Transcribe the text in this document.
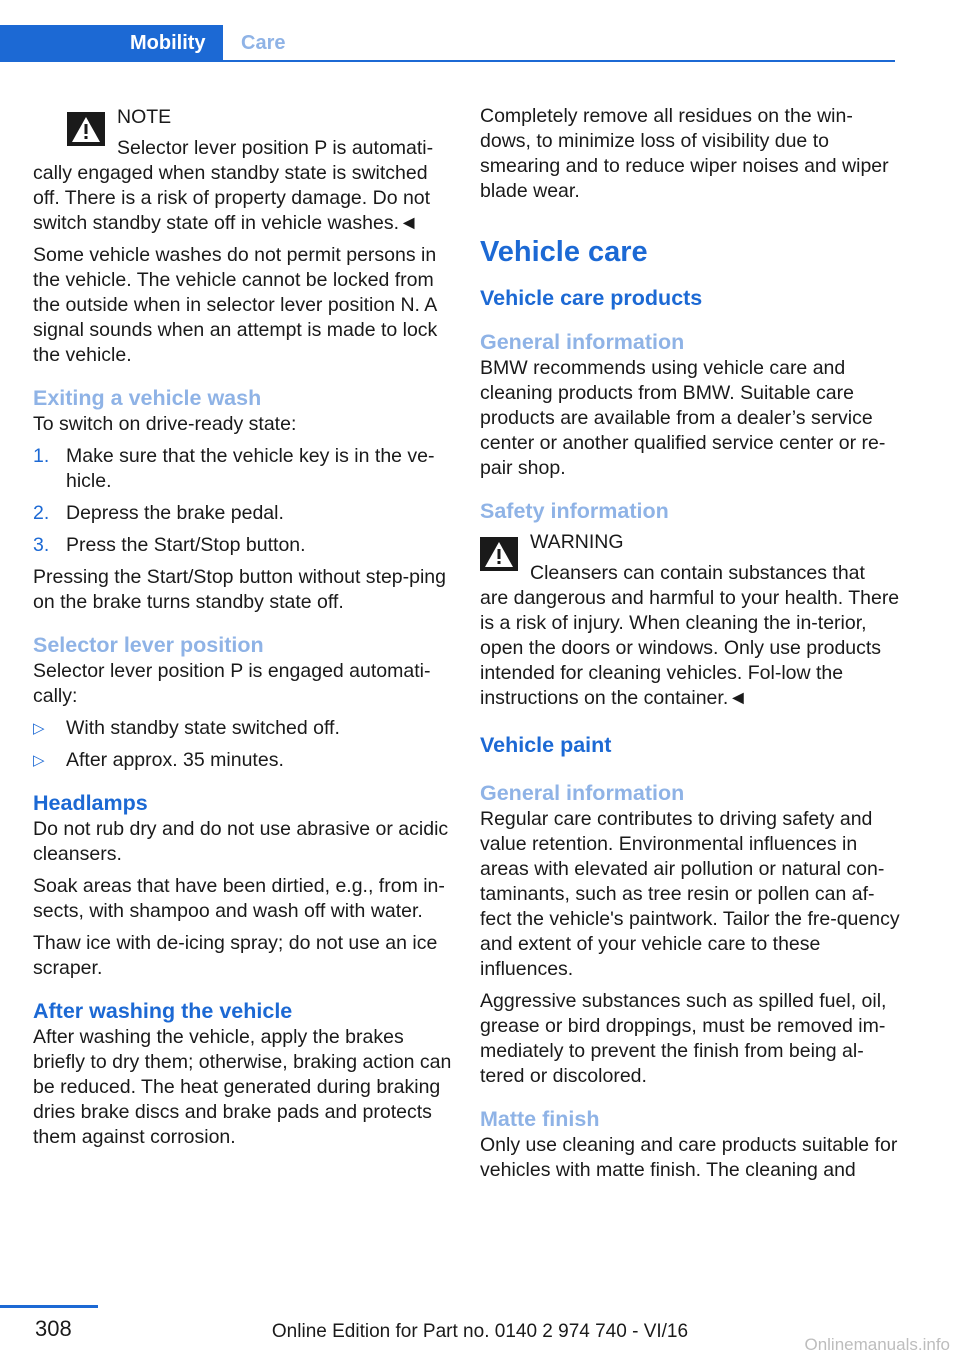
Mobility	Care
NOTE
Selector lever position P is automati-

cally engaged when standby state is switched off. There is a risk of property damage. Do not switch standby state off in vehicle washes.◄

Some vehicle washes do not permit persons in the vehicle. The vehicle cannot be locked from the outside when in selector lever position N. A signal sounds when an attempt is made to lock the vehicle.

Exiting a vehicle wash

To switch on drive-ready state:

1. Make sure that the vehicle key is in the ve-hicle.
2. Depress the brake pedal.
3. Press the Start/Stop button.

Pressing the Start/Stop button without step-ping on the brake turns standby state off.

Selector lever position

Selector lever position P is engaged automati-cally:

▷ With standby state switched off.
▷ After approx. 35 minutes.
Headlamps

Do not rub dry and do not use abrasive or acidic cleansers.

Soak areas that have been dirtied, e.g., from in-sects, with shampoo and wash off with water.

Thaw ice with de-icing spray; do not use an ice scraper.

After washing the vehicle

After washing the vehicle, apply the brakes briefly to dry them; otherwise, braking action can be reduced. The heat generated during braking dries brake discs and brake pads and protects them against corrosion.

Completely remove all residues on the win-dows, to minimize loss of visibility due to smearing and to reduce wiper noises and wiper blade wear.

Vehicle care
Vehicle care products
General information

BMW recommends using vehicle care and cleaning products from BMW. Suitable care products are available from a dealer’s service center or another qualified service center or re-pair shop.

Safety information
WARNING
Cleansers can contain substances that

are dangerous and harmful to your health. There is a risk of injury. When cleaning the in-terior, open the doors or windows. Only use products intended for cleaning vehicles. Fol-low the instructions on the container.◄

Vehicle paint
General information

Regular care contributes to driving safety and value retention. Environmental influences in areas with elevated air pollution or natural con-taminants, such as tree resin or pollen can af-fect the vehicle's paintwork. Tailor the fre-quency and extent of your vehicle care to these influences.

Aggressive substances such as spilled fuel, oil, grease or bird droppings, must be removed im-mediately to prevent the finish from being al-tered or discolored.

Matte finish

Only use cleaning and care products suitable for vehicles with matte finish. The cleaning and

308	Online Edition for Part no. 0140 2 974 740 - VI/16
Onlinemanuals.info
